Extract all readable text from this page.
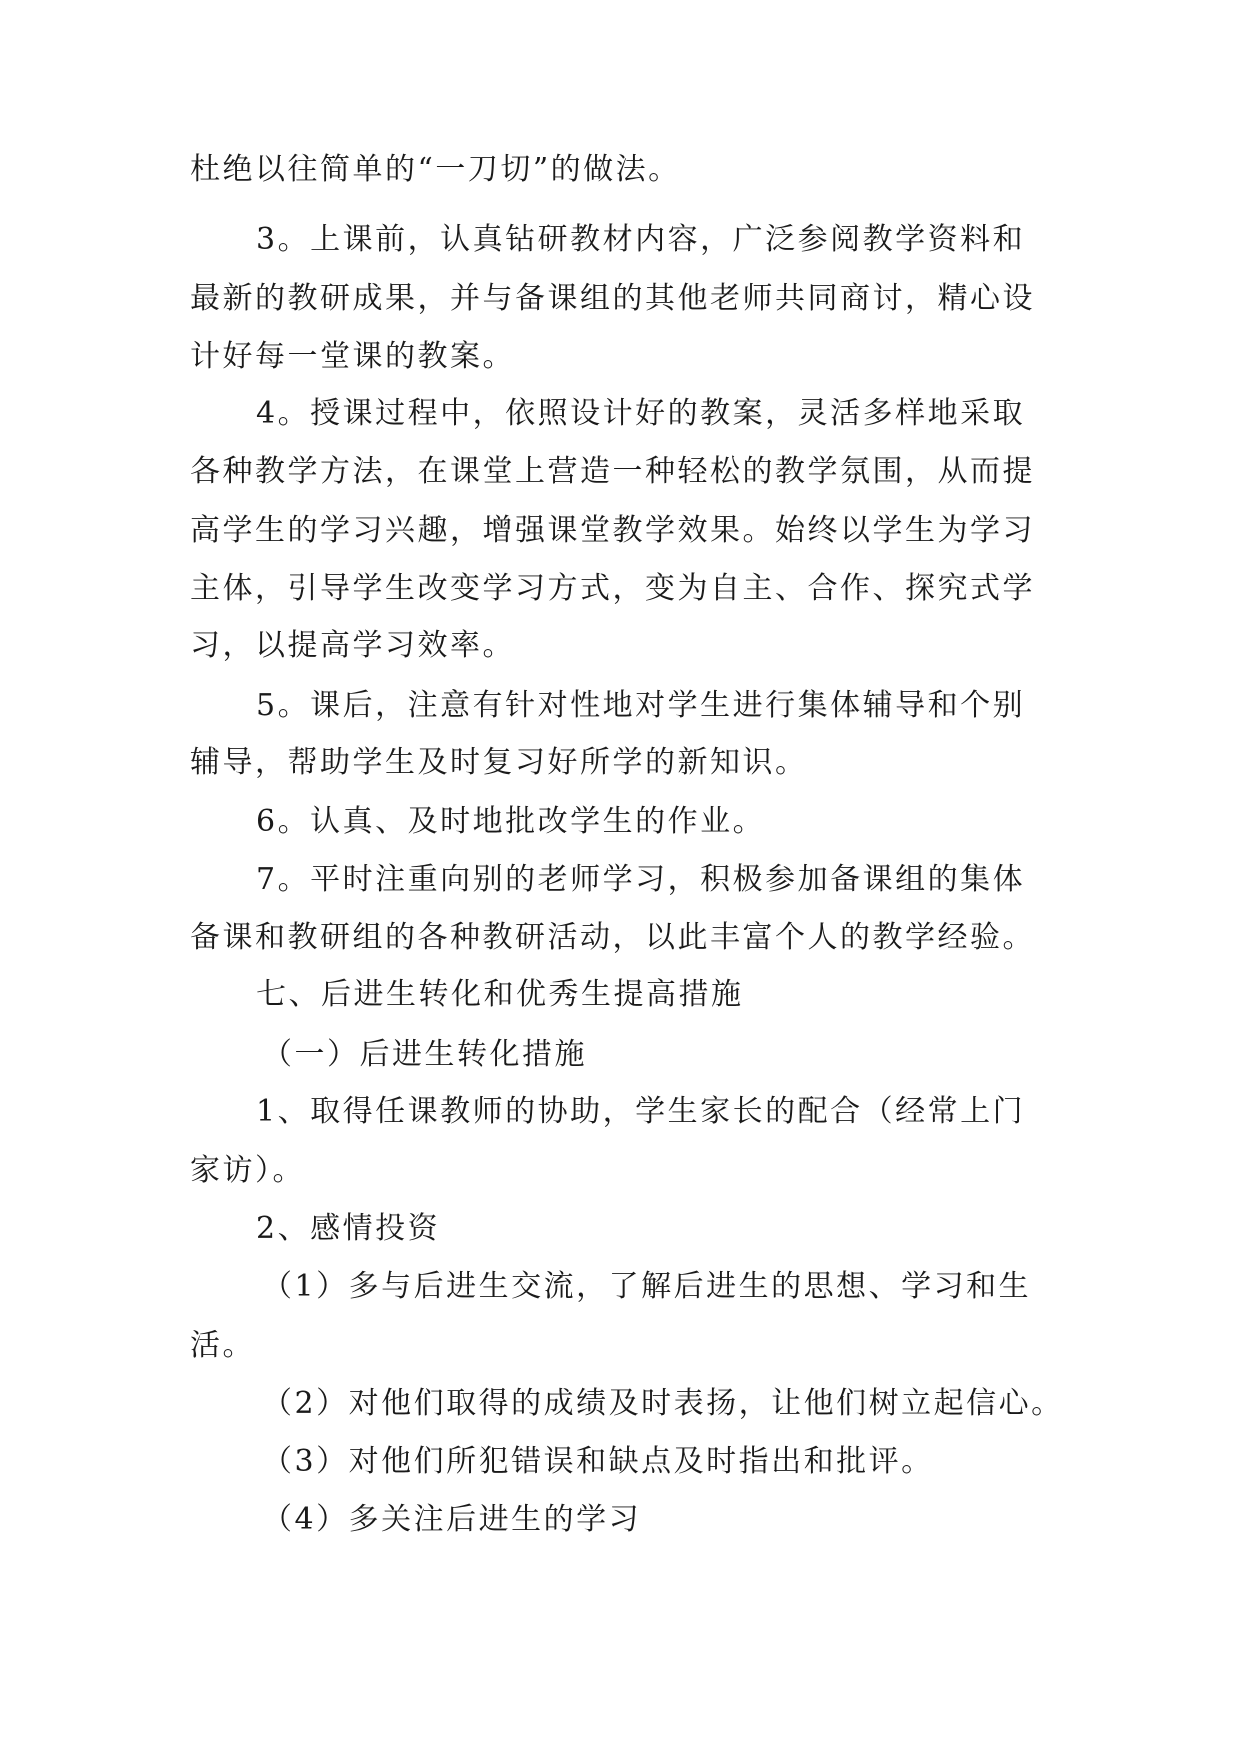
杜绝以往简单的“一刀切”的做法。
3。上课前，认真钻研教材内容，广泛参阅教学资料和
最新的教研成果，并与备课组的其他老师共同商讨，精心设
计好每一堂课的教案。
4。授课过程中，依照设计好的教案，灵活多样地采取
各种教学方法，在课堂上营造一种轻松的教学氛围，从而提
高学生的学习兴趣，增强课堂教学效果。始终以学生为学习
主体，引导学生改变学习方式，变为自主、合作、探究式学
习，以提高学习效率。
5。课后，注意有针对性地对学生进行集体辅导和个别
辅导，帮助学生及时复习好所学的新知识。
6。认真、及时地批改学生的作业。
7。平时注重向别的老师学习，积极参加备课组的集体
备课和教研组的各种教研活动，以此丰富个人的教学经验。
七、后进生转化和优秀生提高措施
（一）后进生转化措施
1、取得任课教师的协助，学生家长的配合（经常上门
家访）。
2、感情投资
（1）多与后进生交流，了解后进生的思想、学习和生
活。
（2）对他们取得的成绩及时表扬，让他们树立起信心。
（3）对他们所犯错误和缺点及时指出和批评。
（4）多关注后进生的学习
